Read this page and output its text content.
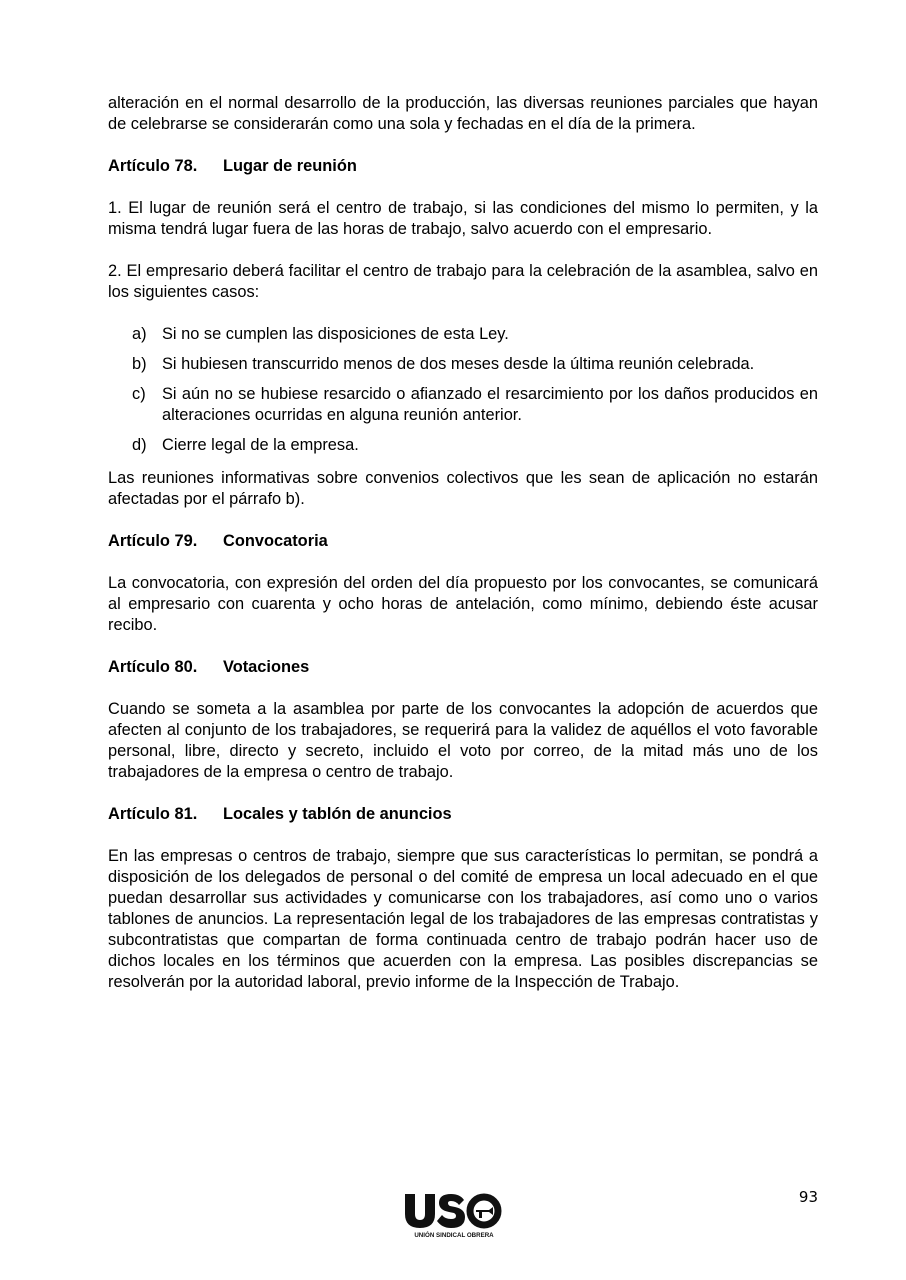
alteración en el normal desarrollo de la producción, las diversas reuniones parciales que hayan de celebrarse se considerarán como una sola y fechadas en el día de la primera.

Artículo 78. Lugar de reunión

1. El lugar de reunión será el centro de trabajo, si las condiciones del mismo lo permiten, y la misma tendrá lugar fuera de las horas de trabajo, salvo acuerdo con el empresario.

2. El empresario deberá facilitar el centro de trabajo para la celebración de la asamblea, salvo en los siguientes casos:

a) Si no se cumplen las disposiciones de esta Ley.
b) Si hubiesen transcurrido menos de dos meses desde la última reunión celebrada.
c) Si aún no se hubiese resarcido o afianzado el resarcimiento por los daños producidos en alteraciones ocurridas en alguna reunión anterior.
d) Cierre legal de la empresa.

Las reuniones informativas sobre convenios colectivos que les sean de aplicación no estarán afectadas por el párrafo b).

Artículo 79. Convocatoria

La convocatoria, con expresión del orden del día propuesto por los convocantes, se comunicará al empresario con cuarenta y ocho horas de antelación, como mínimo, debiendo éste acusar recibo.

Artículo 80. Votaciones

Cuando se someta a la asamblea por parte de los convocantes la adopción de acuerdos que afecten al conjunto de los trabajadores, se requerirá para la validez de aquéllos el voto favorable personal, libre, directo y secreto, incluido el voto por correo, de la mitad más uno de los trabajadores de la empresa o centro de trabajo.

Artículo 81. Locales y tablón de anuncios

En las empresas o centros de trabajo, siempre que sus características lo permitan, se pondrá a disposición de los delegados de personal o del comité de empresa un local adecuado en el que puedan desarrollar sus actividades y comunicarse con los trabajadores, así como uno o varios tablones de anuncios. La representación legal de los trabajadores de las empresas contratistas y subcontratistas que compartan de forma continuada centro de trabajo podrán hacer uso de dichos locales en los términos que acuerden con la empresa. Las posibles discrepancias se resolverán por la autoridad laboral, previo informe de la Inspección de Trabajo.

93
UNIÓN SINDICAL OBRERA
